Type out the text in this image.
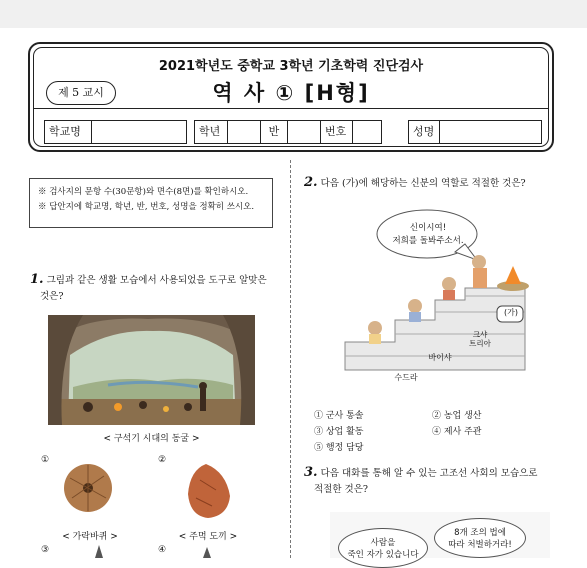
2021학년도 중학교 3학년 기초학력 진단검사
제 5 교시	역 사 ① [H형]
학교명	학년	반	번호	성명
※ 검사지의 문항 수(30문항)와 면수(8면)를 확인하시오.
※ 답안지에 학교명, 학년, 반, 번호, 성명을 정확히 쓰시오.
1. 그림과 같은 생활 모습에서 사용되었을 도구로 알맞은
것은?
< 구석기 시대의 동굴 >
①
< 가락바퀴 >
②
< 주먹 도끼 >
③	④
2. 다음 (가)에 해당하는 신분의 역할로 적절한 것은?
신이시여!
저희를 돌봐주소서.
(가)
크샤
트리아
바이샤
수드라
① 군사 통솔	② 농업 생산
③ 상업 활동	④ 제사 주관
⑤ 행정 담당
3. 다음 대화를 통해 알 수 있는 고조선 사회의 모습으로
적절한 것은?
사람을
죽인 자가 있습니다
8개 조의 법에
따라 처벌하거라!
